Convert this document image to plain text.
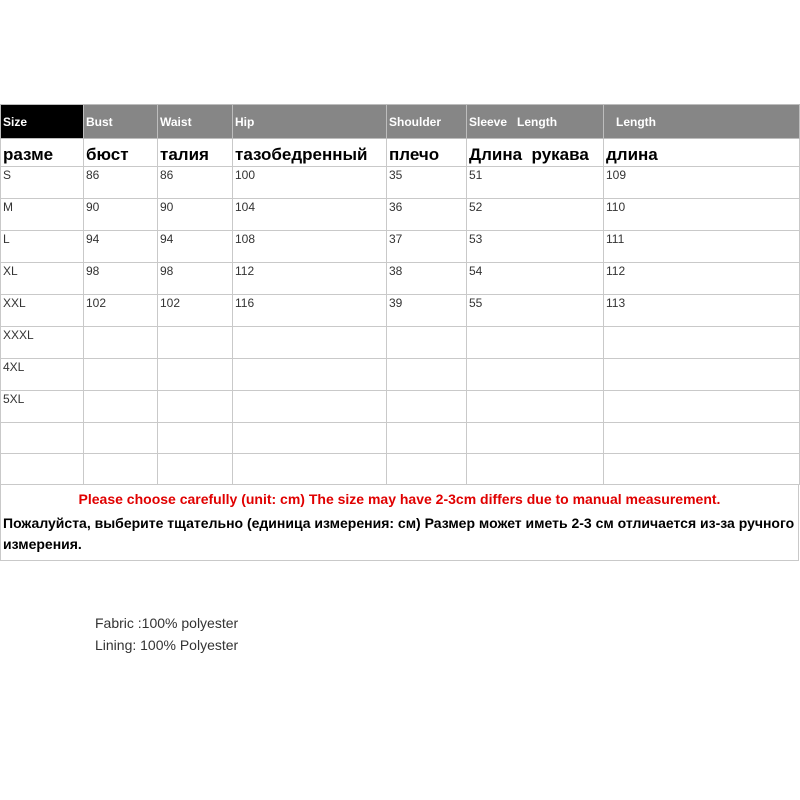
Size	Bust	Waist	Hip	Shoulder	Sleeve   Length	Length
разме	бюст	талия	тазобедренный	плечо	Длина  рукава	длина
S	86	86	100	35	51	109
M	90	90	104	36	52	110
L	94	94	108	37	53	111
XL	98	98	112	38	54	112
XXL	102	102	116	39	55	113
XXXL						
4XL						
5XL						

Please choose carefully (unit: cm) The size may have 2-3cm differs due to manual measurement.
Пожалуйста, выберите тщательно (единица измерения: см) Размер может иметь 2-3 см отличается из-за ручного измерения.
Fabric :100% polyester
Lining: 100% Polyester
